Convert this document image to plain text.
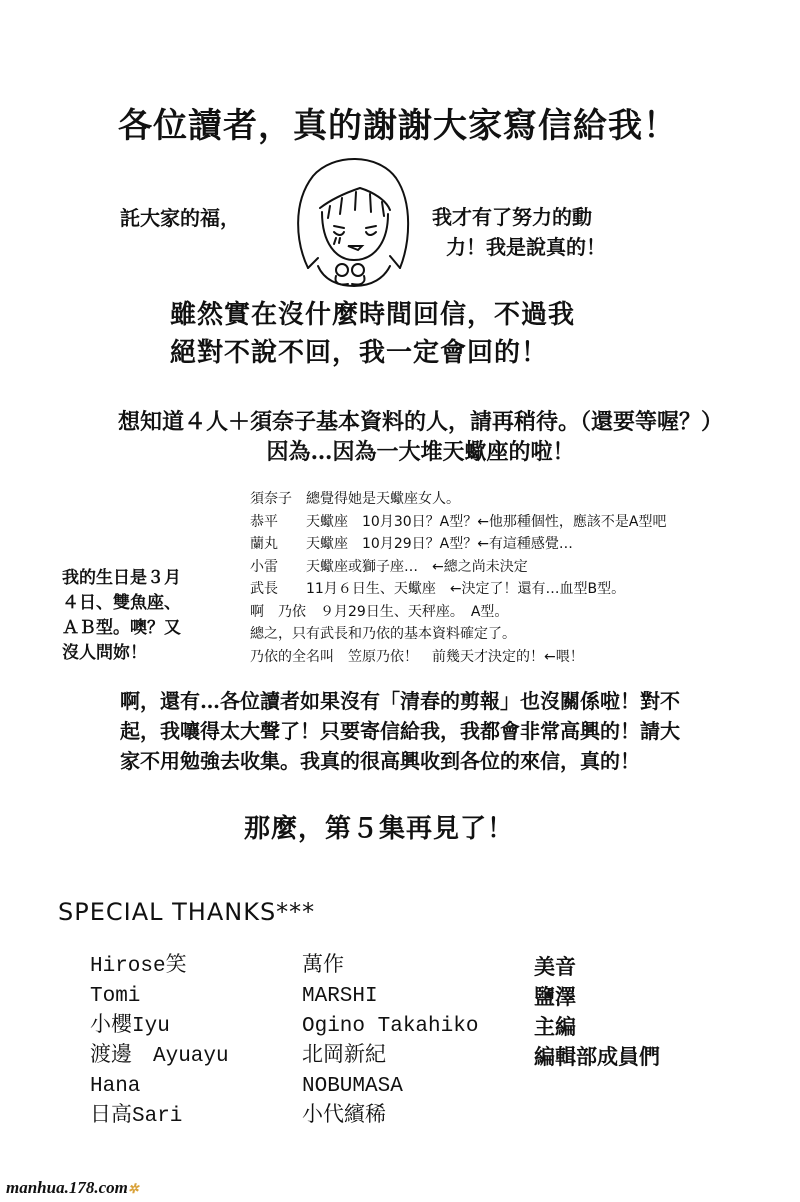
各位讀者，真的謝謝大家寫信給我！

託大家的福，	我才有了努力的動
力！我是說真的！

雖然實在沒什麼時間回信，不過我
絕對不說不回，我一定會回的！

想知道４人＋須奈子基本資料的人，請再稍待。（還要等喔？）
因為…因為一大堆天蠍座的啦！

須奈子　總覺得她是天蠍座女人。
恭平　　天蠍座　10月30日？A型？←他那種個性，應該不是A型吧
蘭丸　　天蠍座　10月29日？A型？←有這種感覺…
小雷　　天蠍座或獅子座…　←總之尚未決定
武長　　11月６日生、天蠍座　←決定了！還有…血型B型。
啊　乃依　９月29日生、天秤座。　A型。
總之，只有武長和乃依的基本資料確定了。
乃依的全名叫　笠原乃依！　前幾天才決定的！←喂！
我的生日是３月
４日、雙魚座、
ＡＢ型。噢？又
沒人問妳！
啊，還有…各位讀者如果沒有「清春的剪報」也沒關係啦！對不
起，我嚷得太大聲了！只要寄信給我，我都會非常高興的！請大
家不用勉強去收集。我真的很高興收到各位的來信，真的！

那麼，第５集再見了！

SPECIAL THANKS***

Hirose笑
Tomi
小櫻Iyu
渡邊　Ayuayu
Hana
日高Sari
萬作
MARSHI
Ogino Takahiko
北岡新紀
NOBUMASA
小代繽稀
美音
鹽澤
主編
編輯部成員們

manhua.178.com✲
